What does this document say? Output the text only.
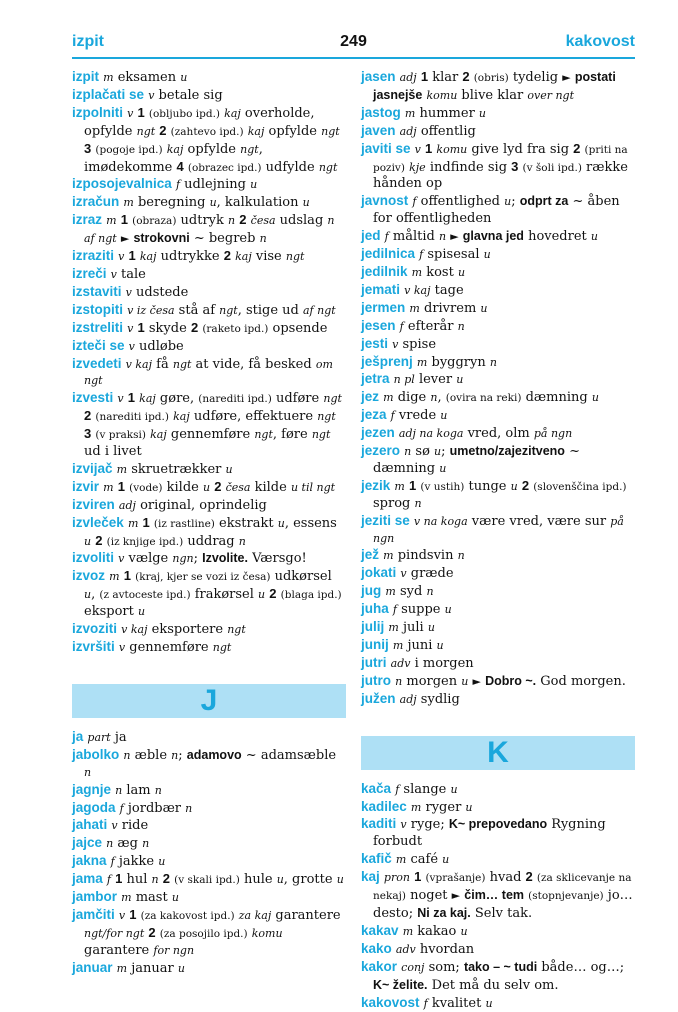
249
izpit	kakovost

izpit m eksamen u

izplačati se v betale sig

izpolniti v 1 (obljubo ipd.) kaj overholde, opfylde ngt 2 (zahtevo ipd.) kaj opfylde ngt 3 (pogoje ipd.) kaj opfylde ngt, imødekomme 4 (obrazec ipd.) udfylde ngt

izposojevalnica f udlejning u

izračun m beregning u, kalkulation u

izraz m 1 (obraza) udtryk n 2 česa udslag n af ngt ► strokovni ~ begreb n

izraziti v 1 kaj udtrykke 2 kaj vise ngt

izreči v tale

izstaviti v udstede

izstopiti v iz česa stå af ngt, stige ud af ngt

izstreliti v 1 skyde 2 (raketo ipd.) opsende

izteči se v udløbe

izvedeti v kaj få ngt at vide, få besked om ngt

izvesti v 1 kaj gøre, (narediti ipd.) udføre ngt 2 (narediti ipd.) kaj udføre, effektuere ngt 3 (v praksi) kaj gennemføre ngt, føre ngt ud i livet

izvijač m skruetrækker u

izvir m 1 (vode) kilde u 2 česa kilde u til ngt

izviren adj original, oprindelig

izvleček m 1 (iz rastline) ekstrakt u, essens u 2 (iz knjige ipd.) uddrag n

izvoliti v vælge ngn; Izvolite. Værsgo!

izvoz m 1 (kraj, kjer se vozi iz česa) udkørsel u, (z avtoceste ipd.) frakørsel u 2 (blaga ipd.) eksport u

izvoziti v kaj eksportere ngt

izvršiti v gennemføre ngt

J

ja part ja

jabolko n æble n; adamovo ~ adamsæble n

jagnje n lam n

jagoda f jordbær n

jahati v ride

jajce n æg n

jakna f jakke u

jama f 1 hul n 2 (v skali ipd.) hule u, grotte u

jambor m mast u

jamčiti v 1 (za kakovost ipd.) za kaj garantere ngt/for ngt 2 (za posojilo ipd.) komu garantere for ngn

januar m januar u

jasen adj 1 klar 2 (obris) tydelig ► postati jasnejše komu blive klar over ngt

jastog m hummer u

javen adj offentlig

javiti se v 1 komu give lyd fra sig 2 (priti na poziv) kje indfinde sig 3 (v šoli ipd.) række hånden op

javnost f offentlighed u; odprt za ~ åben for offentligheden

jed f måltid n ► glavna jed hovedret u

jedilnica f spisesal u

jedilnik m kost u

jemati v kaj tage

jermen m drivrem u

jesen f efterår n

jesti v spise

ješprenj m byggryn n

jetra n pl lever u

jez m dige n, (ovira na reki) dæmning u

jeza f vrede u

jezen adj na koga vred, olm på ngn

jezero n sø u; umetno/zajezitveno ~ dæmning u

jezik m 1 (v ustih) tunge u 2 (slovenščina ipd.) sprog n

jeziti se v na koga være vred, være sur på ngn

jež m pindsvin n

jokati v græde

jug m syd n

juha f suppe u

julij m juli u

junij m juni u

jutri adv i morgen

jutro n morgen u ► Dobro ~. God morgen.

južen adj sydlig

K

kača f slange u

kadilec m ryger u

kaditi v ryge; K~ prepovedano Rygning forbudt

kafič m café u

kaj pron 1 (vprašanje) hvad 2 (za sklicevanje na nekaj) noget ► čim… tem (stopnjevanje) jo… desto; Ni za kaj. Selv tak.

kakav m kakao u

kako adv hvordan

kakor conj som; tako – ~ tudi både… og…; K~ želite. Det må du selv om.

kakovost f kvalitet u
